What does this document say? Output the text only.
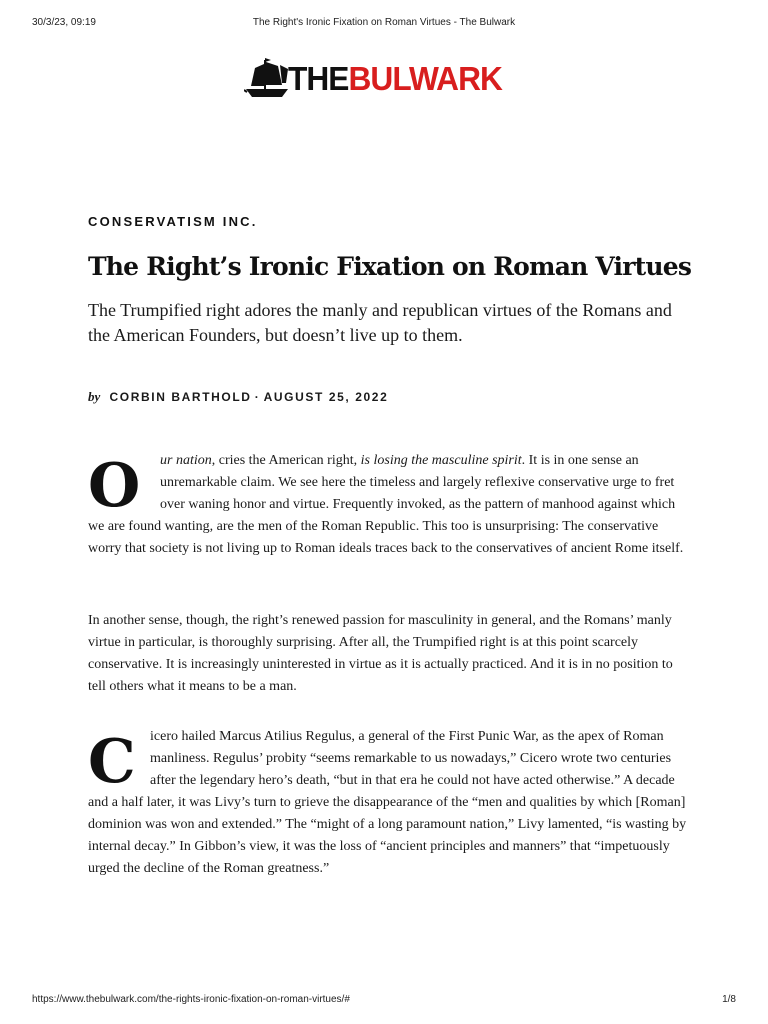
30/3/23, 09:19	The Right's Ironic Fixation on Roman Virtues - The Bulwark
THEBULWARK
CONSERVATISM INC.
The Right’s Ironic Fixation on Roman Virtues

The Trumpified right adores the manly and republican virtues of the Romans and the American Founders, but doesn’t live up to them.

by CORBIN BARTHOLD · AUGUST 25, 2022

O	ur nation, cries the American right, is losing the masculine spirit. It is in one sense an unremarkable claim. We see here the timeless and largely reflexive conservative urge to fret over waning honor and virtue. Frequently invoked, as the pattern of manhood against which we are found wanting, are the men of the Roman Republic. This too is unsurprising: The conservative worry that society is not living up to Roman ideals traces back to the conservatives of ancient Rome itself.

In another sense, though, the right’s renewed passion for masculinity in general, and the Romans’ manly virtue in particular, is thoroughly surprising. After all, the Trumpified right is at this point scarcely conservative. It is increasingly uninterested in virtue as it is actually practiced. And it is in no position to tell others what it means to be a man.

C	icero hailed Marcus Atilius Regulus, a general of the First Punic War, as the apex of Roman manliness. Regulus’ probity “seems remarkable to us nowadays,” Cicero wrote two centuries after the legendary hero’s death, “but in that era he could not have acted otherwise.” A decade and a half later, it was Livy’s turn to grieve the disappearance of the “men and qualities by which [Roman] dominion was won and extended.” The “might of a long paramount nation,” Livy lamented, “is wasting by internal decay.” In Gibbon’s view, it was the loss of “ancient principles and manners” that “impetuously urged the decline of the Roman greatness.”

https://www.thebulwark.com/the-rights-ironic-fixation-on-roman-virtues/#	1/8
